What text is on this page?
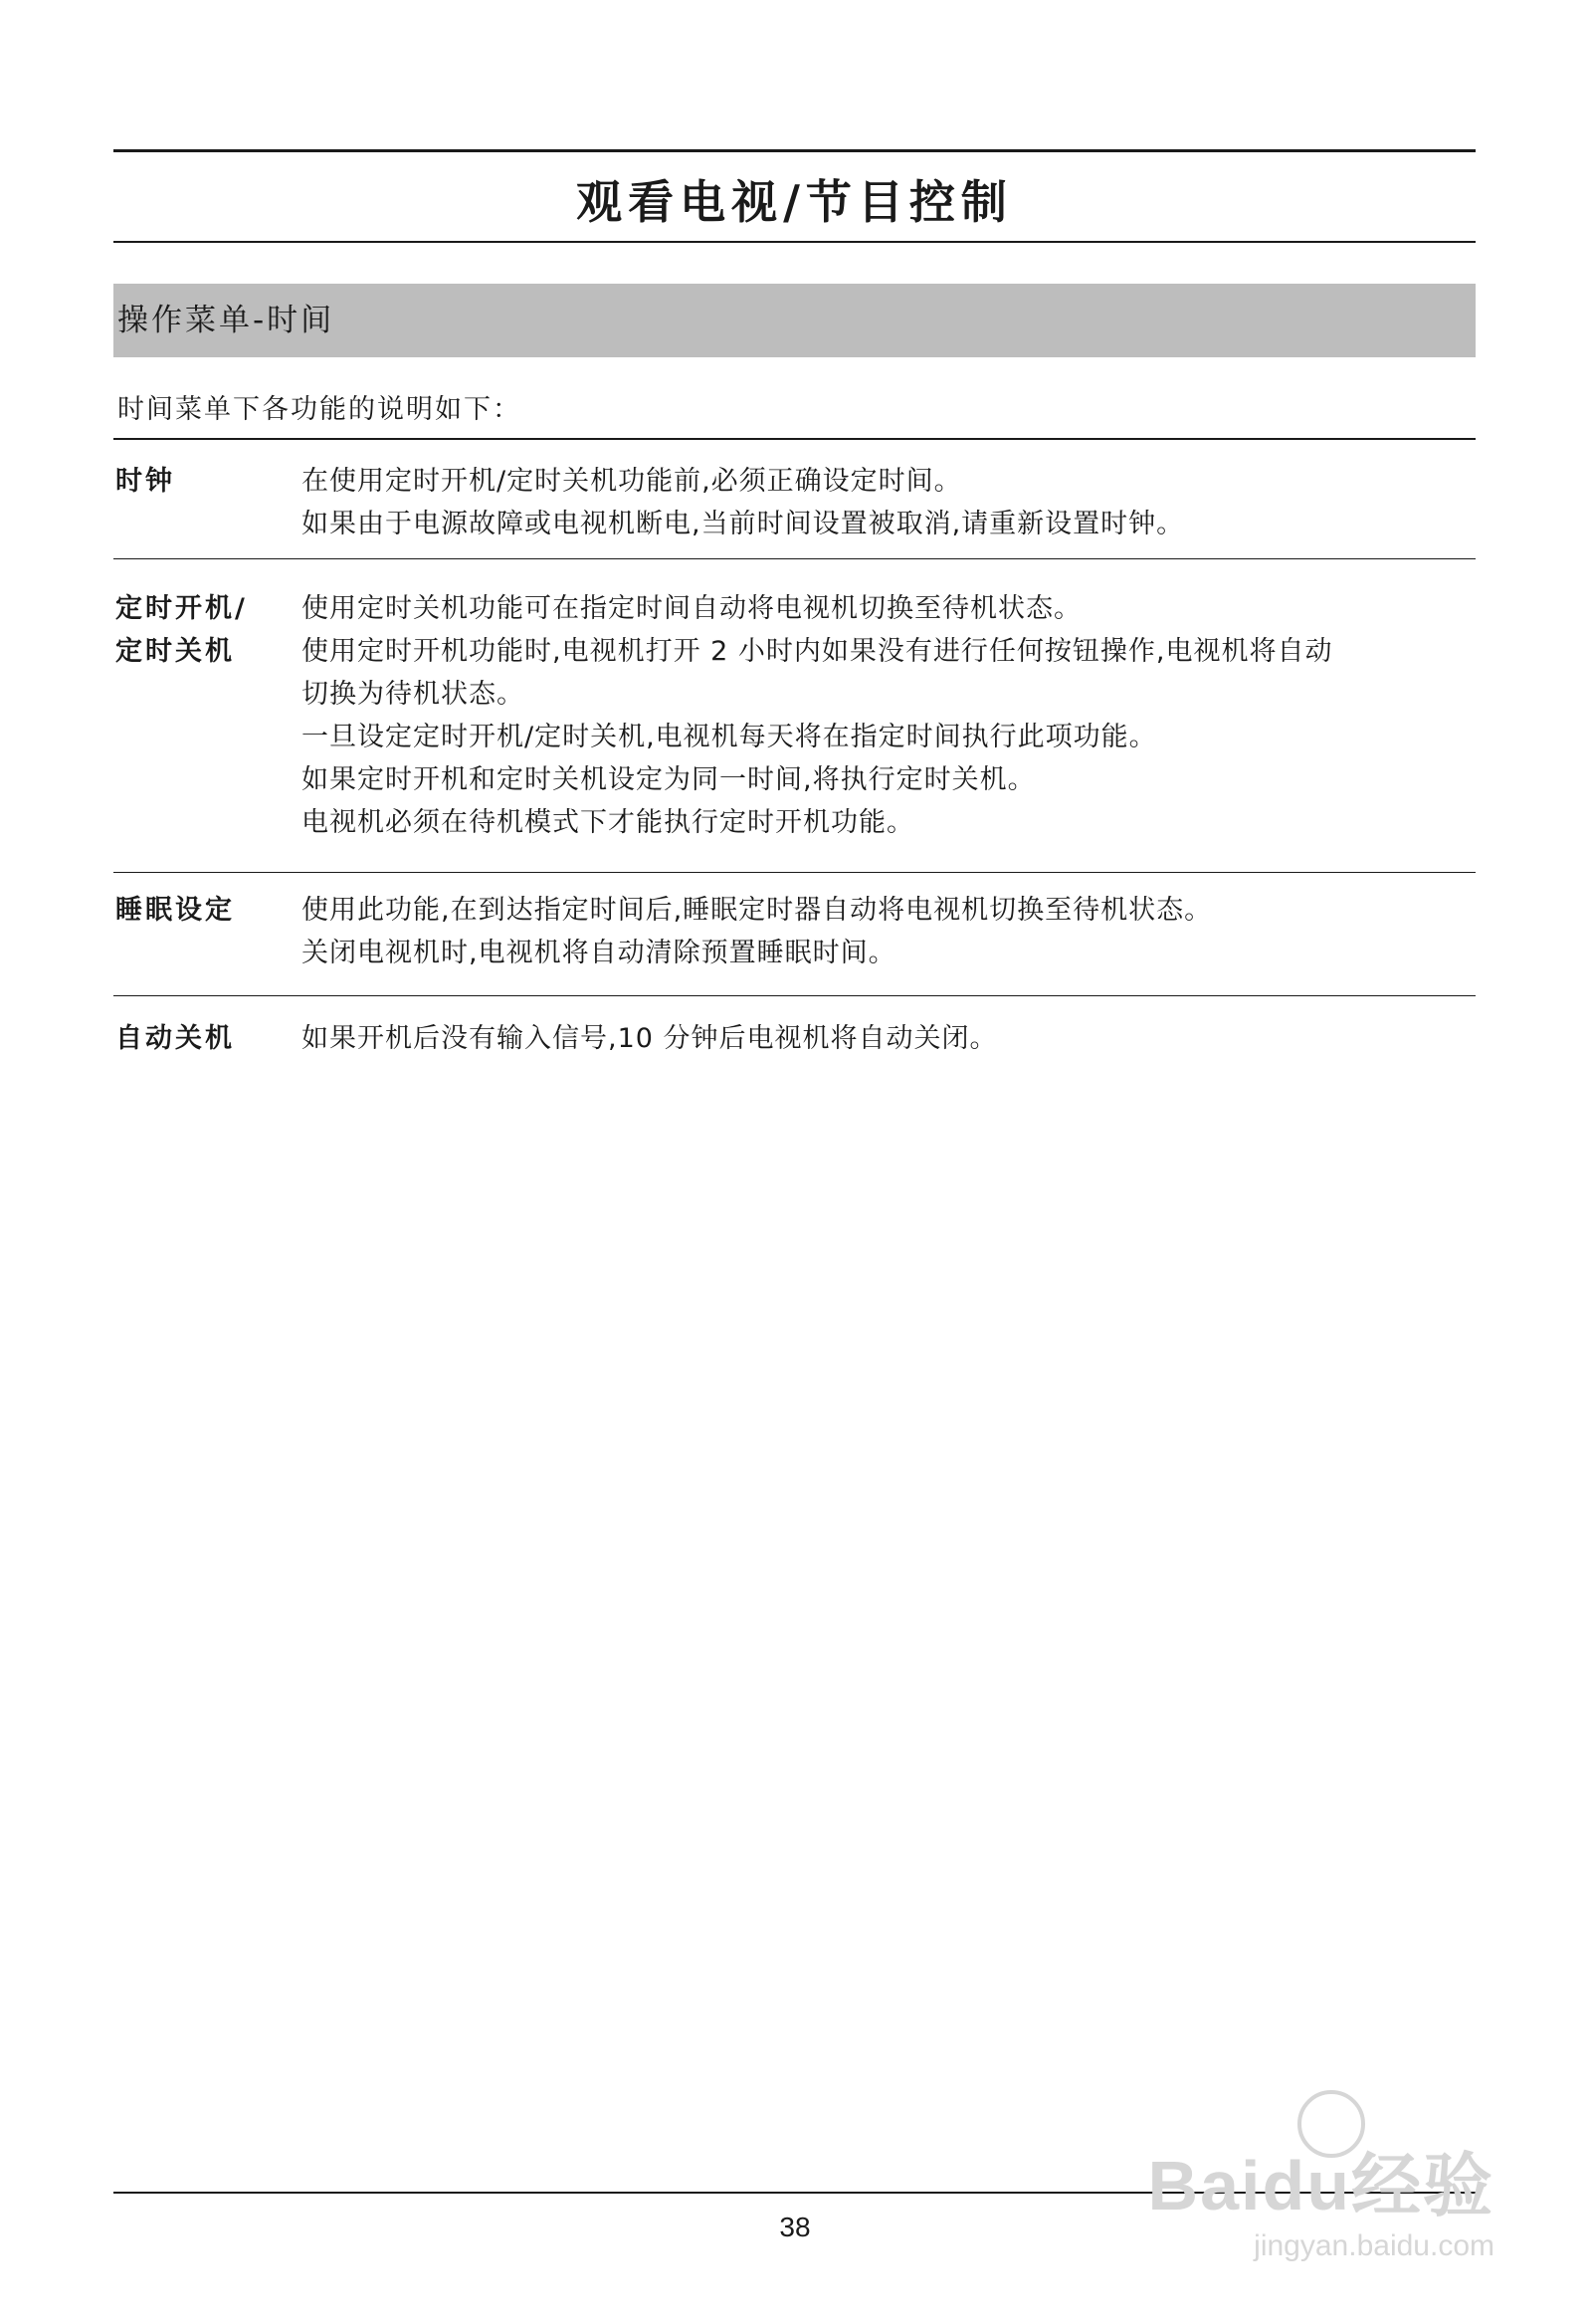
观看电视/节目控制
操作菜单-时间
时间菜单下各功能的说明如下：
时钟	在使用定时开机/定时关机功能前,必须正确设定时间。
如果由于电源故障或电视机断电,当前时间设置被取消,请重新设置时钟。
定时开机/
定时关机
使用定时关机功能可在指定时间自动将电视机切换至待机状态。
使用定时开机功能时,电视机打开 2 小时内如果没有进行任何按钮操作,电视机将自动
切换为待机状态。
一旦设定定时开机/定时关机,电视机每天将在指定时间执行此项功能。
如果定时开机和定时关机设定为同一时间,将执行定时关机。
电视机必须在待机模式下才能执行定时开机功能。
睡眠设定 使用此功能,在到达指定时间后,睡眠定时器自动将电视机切换至待机状态。
关闭电视机时,电视机将自动清除预置睡眠时间。
自动关机 如果开机后没有输入信号,10 分钟后电视机将自动关闭。
38
Baidu经验
jingyan.baidu.com
